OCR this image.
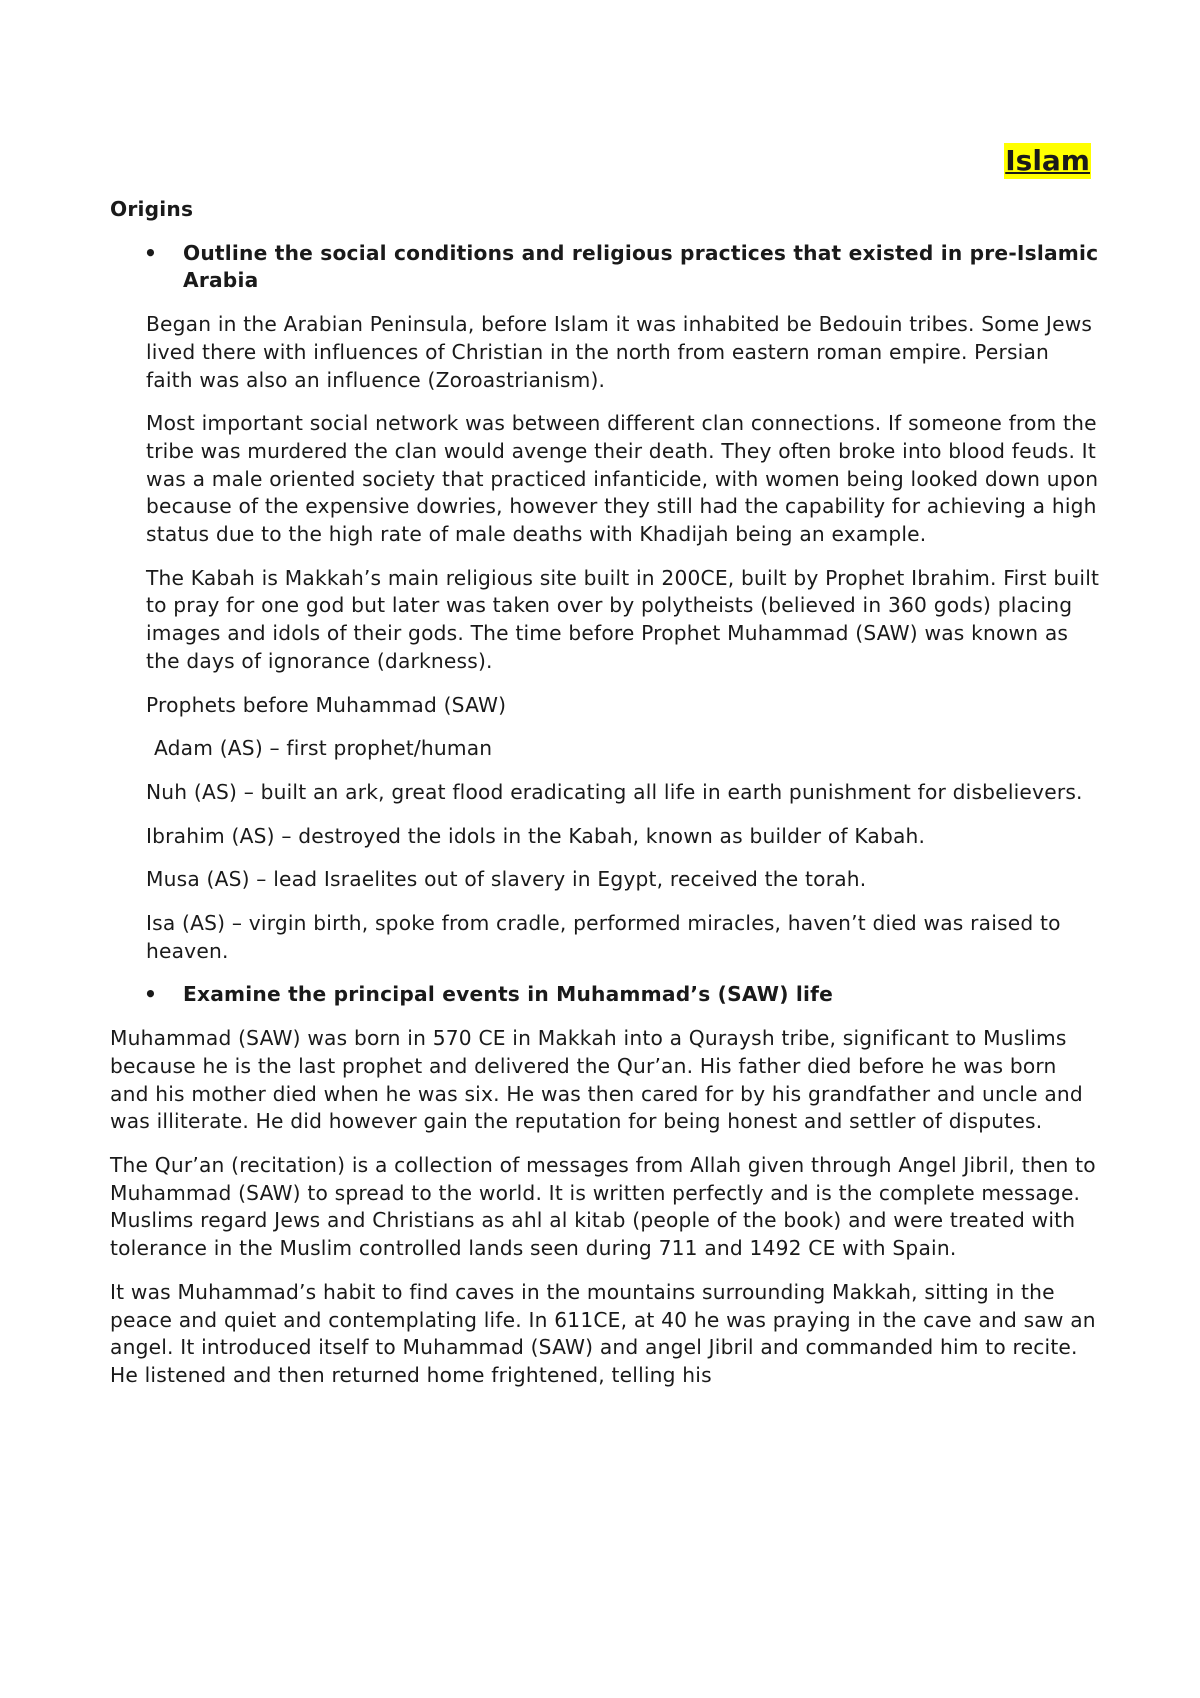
Islam
Origins
• Outline the social conditions and religious practices that existed in pre-Islamic Arabia

Began in the Arabian Peninsula, before Islam it was inhabited be Bedouin tribes. Some Jews lived there with influences of Christian in the north from eastern roman empire. Persian faith was also an influence (Zoroastrianism).

Most important social network was between different clan connections. If someone from the tribe was murdered the clan would avenge their death. They often broke into blood feuds. It was a male oriented society that practiced infanticide, with women being looked down upon because of the expensive dowries, however they still had the capability for achieving a high status due to the high rate of male deaths with Khadijah being an example.

The Kabah is Makkah’s main religious site built in 200CE, built by Prophet Ibrahim. First built to pray for one god but later was taken over by polytheists (believed in 360 gods) placing images and idols of their gods. The time before Prophet Muhammad (SAW) was known as the days of ignorance (darkness).

Prophets before Muhammad (SAW)

Adam (AS) – first prophet/human

Nuh (AS) – built an ark, great flood eradicating all life in earth punishment for disbelievers.

Ibrahim (AS) – destroyed the idols in the Kabah, known as builder of Kabah.

Musa (AS) – lead Israelites out of slavery in Egypt, received the torah.

Isa (AS) – virgin birth, spoke from cradle, performed miracles, haven’t died was raised to heaven.

• Examine the principal events in Muhammad’s (SAW) life

Muhammad (SAW) was born in 570 CE in Makkah into a Quraysh tribe, significant to Muslims because he is the last prophet and delivered the Qur’an. His father died before he was born and his mother died when he was six. He was then cared for by his grandfather and uncle and was illiterate. He did however gain the reputation for being honest and settler of disputes.

The Qur’an (recitation) is a collection of messages from Allah given through Angel Jibril, then to Muhammad (SAW) to spread to the world. It is written perfectly and is the complete message. Muslims regard Jews and Christians as ahl al kitab (people of the book) and were treated with tolerance in the Muslim controlled lands seen during 711 and 1492 CE with Spain.

It was Muhammad’s habit to find caves in the mountains surrounding Makkah, sitting in the peace and quiet and contemplating life. In 611CE, at 40 he was praying in the cave and saw an angel. It introduced itself to Muhammad (SAW) and angel Jibril and commanded him to recite. He listened and then returned home frightened, telling his
